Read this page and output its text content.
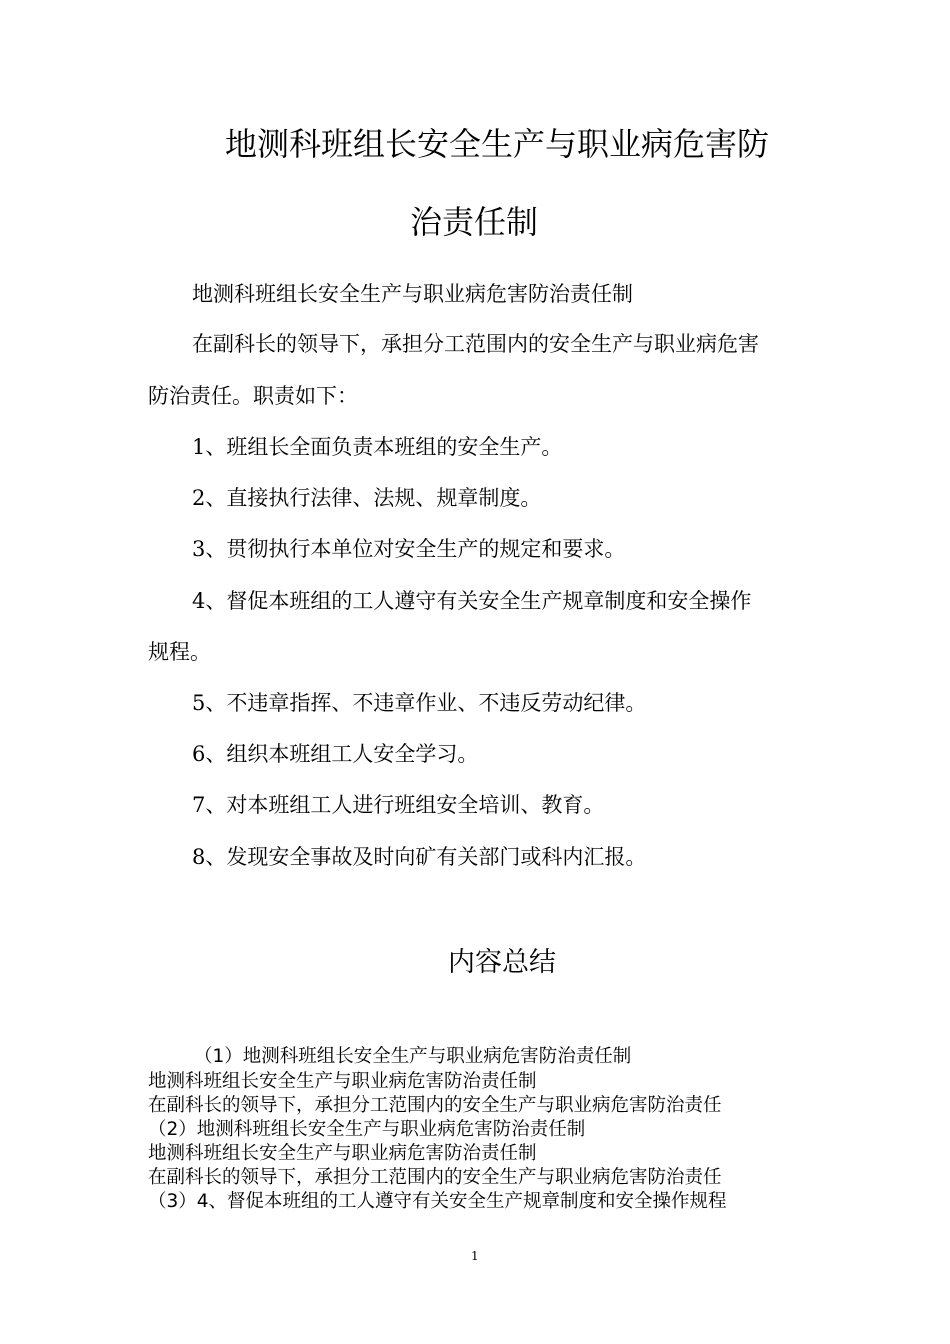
地测科班组长安全生产与职业病危害防
治责任制
地测科班组长安全生产与职业病危害防治责任制
在副科长的领导下，承担分工范围内的安全生产与职业病危害
防治责任。职责如下：
1、班组长全面负责本班组的安全生产。
2、直接执行法律、法规、规章制度。
3、贯彻执行本单位对安全生产的规定和要求。
4、督促本班组的工人遵守有关安全生产规章制度和安全操作
规程。
5、不违章指挥、不违章作业、不违反劳动纪律。
6、组织本班组工人安全学习。
7、对本班组工人进行班组安全培训、教育。
8、发现安全事故及时向矿有关部门或科内汇报。
内容总结
（1）地测科班组长安全生产与职业病危害防治责任制
地测科班组长安全生产与职业病危害防治责任制
在副科长的领导下，承担分工范围内的安全生产与职业病危害防治责任
（2）地测科班组长安全生产与职业病危害防治责任制
地测科班组长安全生产与职业病危害防治责任制
在副科长的领导下，承担分工范围内的安全生产与职业病危害防治责任
（3）4、督促本班组的工人遵守有关安全生产规章制度和安全操作规程
1
